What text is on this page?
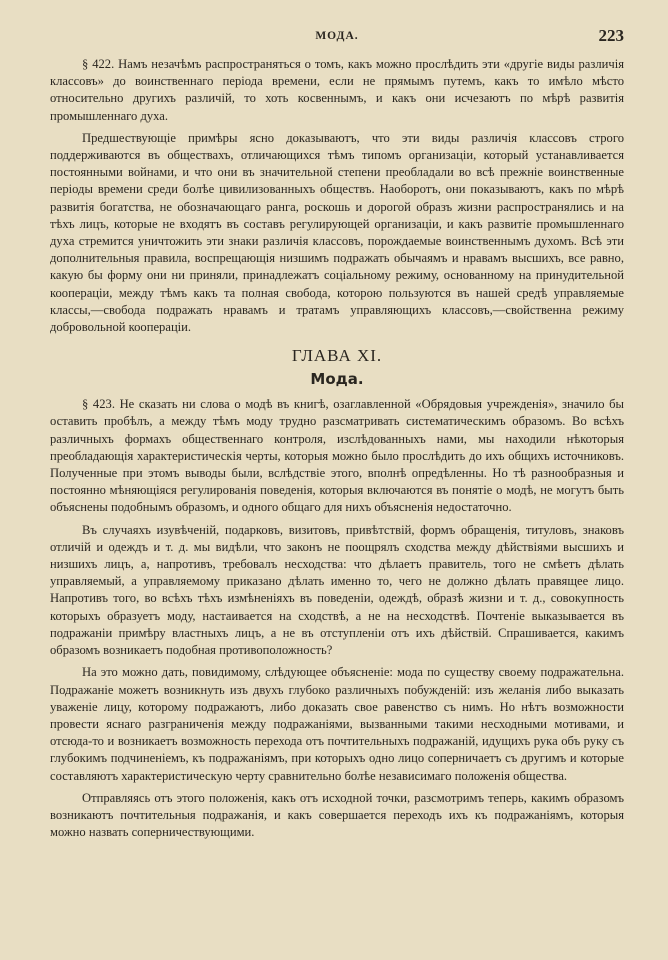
МОДА.	223

§ 422. Намъ незачѣмъ распространяться о томъ, какъ можно прослѣдить эти «другіе виды различія классовъ» до воинственнаго періода времени, если не прямымъ путемъ, какъ то имѣло мѣсто относительно другихъ различій, то хоть косвеннымъ, и какъ они исчезаютъ по мѣрѣ развитія промышленнаго духа.

Предшествующіе примѣры ясно доказываютъ, что эти виды различія классовъ строго поддерживаются въ обществахъ, отличающихся тѣмъ типомъ организаціи, который устанавливается постоянными войнами, и что они въ значительной степени преобладали во всѣ прежніе воинственные періоды времени среди болѣе цивилизованныхъ обществъ. Наоборотъ, они показываютъ, какъ по мѣрѣ развитія богатства, не обозначающаго ранга, роскошь и дорогой образъ жизни распространялись и на тѣхъ лицъ, которые не входятъ въ составъ регулирующей организаціи, и какъ развитіе промышленнаго духа стремится уничтожить эти знаки различія классовъ, порождаемые воинственнымъ духомъ. Всѣ эти дополнительныя правила, воспрещающія низшимъ подражать обычаямъ и нравамъ высшихъ, все равно, какую бы форму они ни приняли, принадлежатъ соціальному режиму, основанному на принудительной коопераціи, между тѣмъ какъ та полная свобода, которою пользуются въ нашей средѣ управляемые классы,—свобода подражать нравамъ и тратамъ управляющихъ классовъ,—свойственна режиму добровольной коопераціи.

ГЛАВА XI.
Мода.

§ 423. Не сказать ни слова о модѣ въ книгѣ, озаглавленной «Обрядовыя учрежденія», значило бы оставить пробѣлъ, а между тѣмъ моду трудно разсматривать систематическимъ образомъ. Во всѣхъ различныхъ формахъ общественнаго контроля, изслѣдованныхъ нами, мы находили нѣкоторыя преобладающія характеристическія черты, которыя можно было прослѣдить до ихъ общихъ источниковъ. Полученные при этомъ выводы были, вслѣдствіе этого, вполнѣ опредѣленны. Но тѣ разнообразныя и постоянно мѣняющіяся регулированія поведенія, которыя включаются въ понятіе о модѣ, не могутъ быть объяснены подобнымъ образомъ, и одного общаго для нихъ объясненія недостаточно.

Въ случаяхъ изувѣченій, подарковъ, визитовъ, привѣтствій, формъ обращенія, титуловъ, знаковъ отличій и одеждъ и т. д. мы видѣли, что законъ не поощрялъ сходства между дѣйствіями высшихъ и низшихъ лицъ, а, напротивъ, требовалъ несходства: что дѣлаетъ правитель, того не смѣетъ дѣлать управляемый, а управляемому приказано дѣлать именно то, чего не должно дѣлать правящее лицо. Напротивъ того, во всѣхъ тѣхъ измѣненіяхъ въ поведеніи, одеждѣ, образѣ жизни и т. д., совокупность которыхъ образуетъ моду, настаивается на сходствѣ, а не на несходствѣ. Почтеніе выказывается въ подражаніи примѣру властныхъ лицъ, а не въ отступленіи отъ ихъ дѣйствій. Спрашивается, какимъ образомъ возникаетъ подобная противоположность?

На это можно дать, повидимому, слѣдующее объясненіе: мода по существу своему подражательна. Подражаніе можетъ возникнуть изъ двухъ глубоко различныхъ побужденій: изъ желанія либо выказать уваженіе лицу, которому подражаютъ, либо доказать свое равенство съ нимъ. Но нѣтъ возможности провести яснаго разграниченія между подражаніями, вызванными такими несходными мотивами, и отсюда-то и возникаетъ возможность перехода отъ почтительныхъ подражаній, идущихъ рука объ руку съ глубокимъ подчиненіемъ, къ подражаніямъ, при которыхъ одно лицо соперничаетъ съ другимъ и которые составляютъ характеристическую черту сравнительно болѣе независимаго положенія общества.

Отправляясь отъ этого положенія, какъ отъ исходной точки, разсмотримъ теперь, какимъ образомъ возникаютъ почтительныя подражанія, и какъ совершается переходъ ихъ къ подражаніямъ, которыя можно назвать соперничествующими.
